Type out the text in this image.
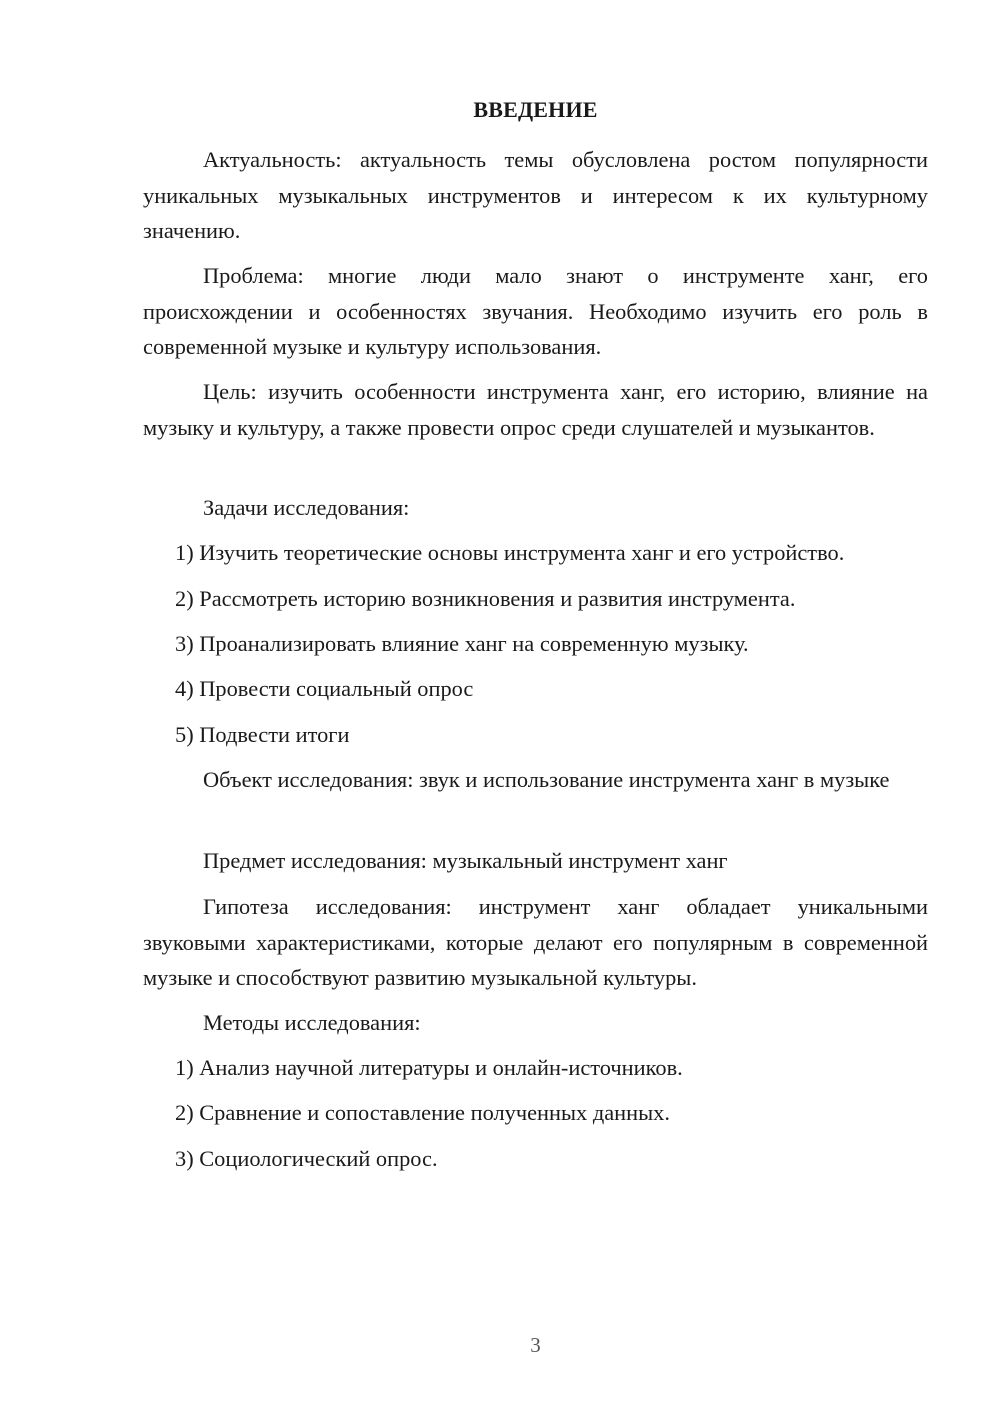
ВВЕДЕНИЕ

Актуальность: актуальность темы обусловлена ростом популярности уникальных музыкальных инструментов и интересом к их культурному значению.

Проблема: многие люди мало знают о инструменте ханг, его происхождении и особенностях звучания. Необходимо изучить его роль в современной музыке и культуру использования.

Цель: изучить особенности инструмента ханг, его историю, влияние на музыку и культуру, а также провести опрос среди слушателей и музыкантов.

Задачи исследования:

1) Изучить теоретические основы инструмента ханг и его устройство.

2) Рассмотреть историю возникновения и развития инструмента.

3) Проанализировать влияние ханг на современную музыку.

4) Провести социальный опрос

5) Подвести итоги

Объект исследования: звук и использование инструмента ханг в музыке

Предмет исследования: музыкальный инструмент ханг

Гипотеза исследования: инструмент ханг обладает уникальными звуковыми характеристиками, которые делают его популярным в современной музыке и способствуют развитию музыкальной культуры.

Методы исследования:

1) Анализ научной литературы и онлайн-источников.

2) Сравнение и сопоставление полученных данных.

3) Социологический опрос.

3
